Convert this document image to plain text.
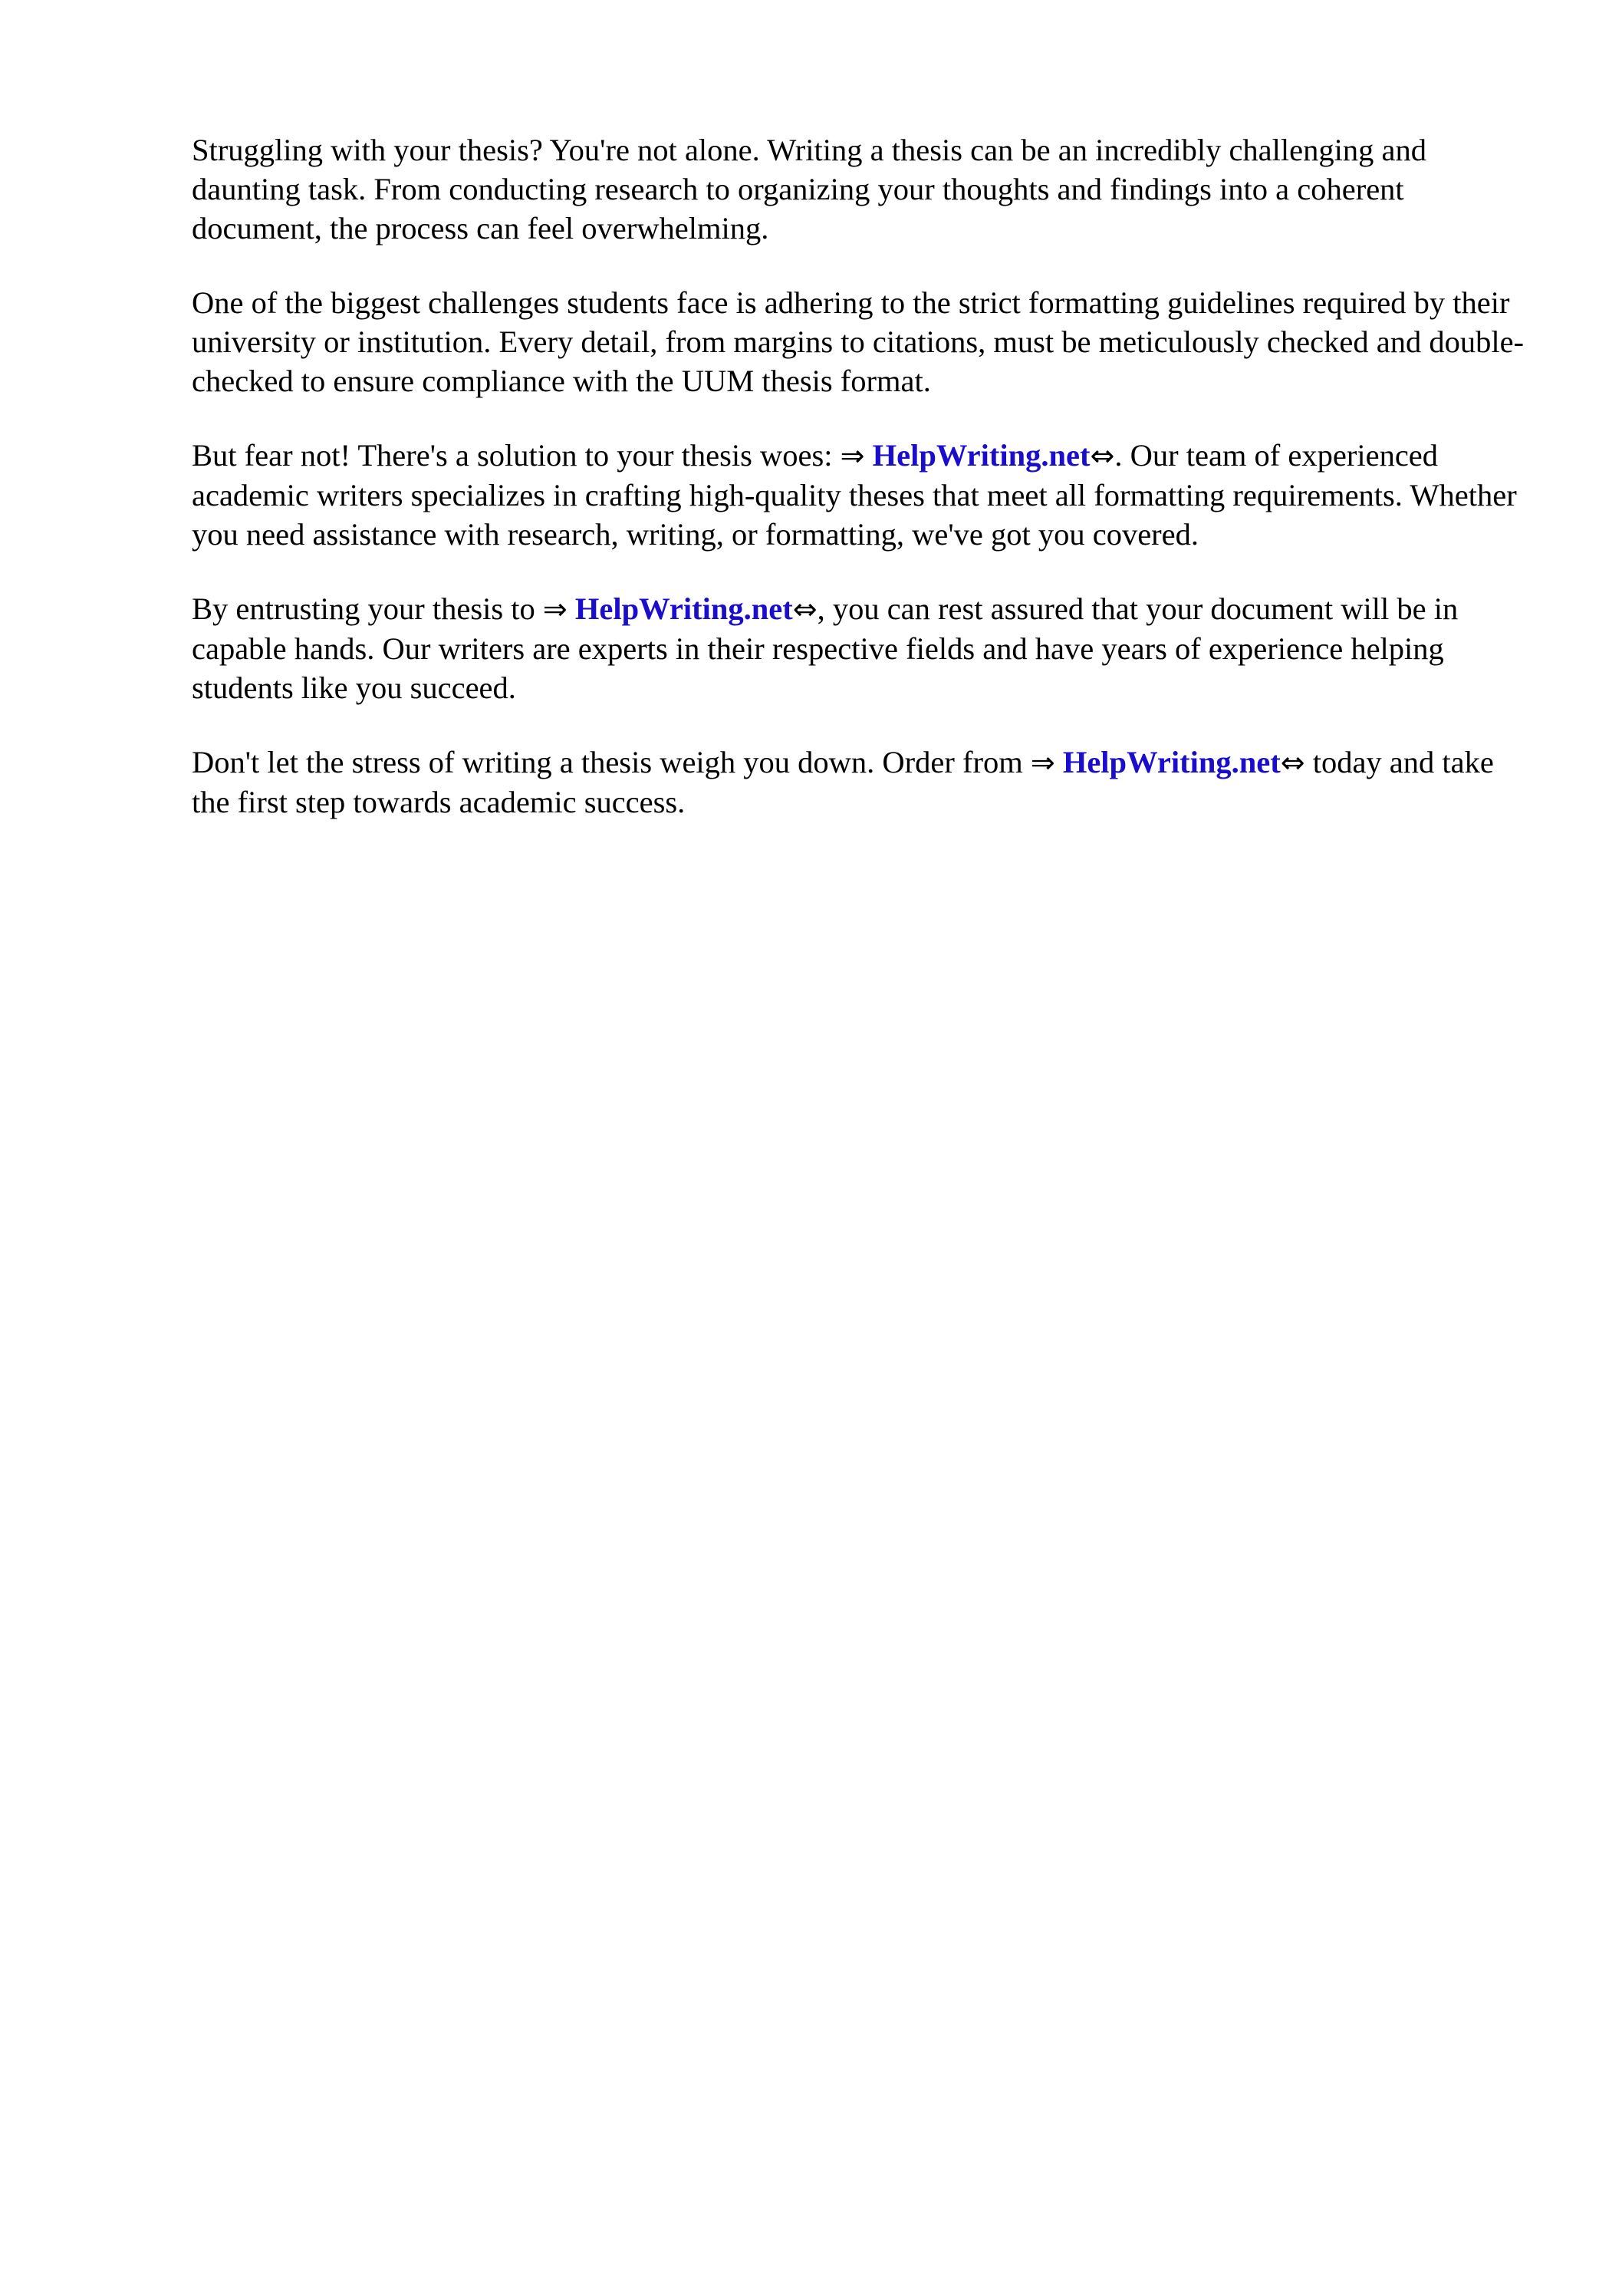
Struggling with your thesis? You're not alone. Writing a thesis can be an incredibly challenging and daunting task. From conducting research to organizing your thoughts and findings into a coherent document, the process can feel overwhelming.

One of the biggest challenges students face is adhering to the strict formatting guidelines required by their university or institution. Every detail, from margins to citations, must be meticulously checked and double-checked to ensure compliance with the UUM thesis format.

But fear not! There's a solution to your thesis woes: ⇒ HelpWriting.net⇔. Our team of experienced academic writers specializes in crafting high-quality theses that meet all formatting requirements. Whether you need assistance with research, writing, or formatting, we've got you covered.

By entrusting your thesis to ⇒ HelpWriting.net⇔, you can rest assured that your document will be in capable hands. Our writers are experts in their respective fields and have years of experience helping students like you succeed.

Don't let the stress of writing a thesis weigh you down. Order from ⇒ HelpWriting.net⇔ today and take the first step towards academic success.
